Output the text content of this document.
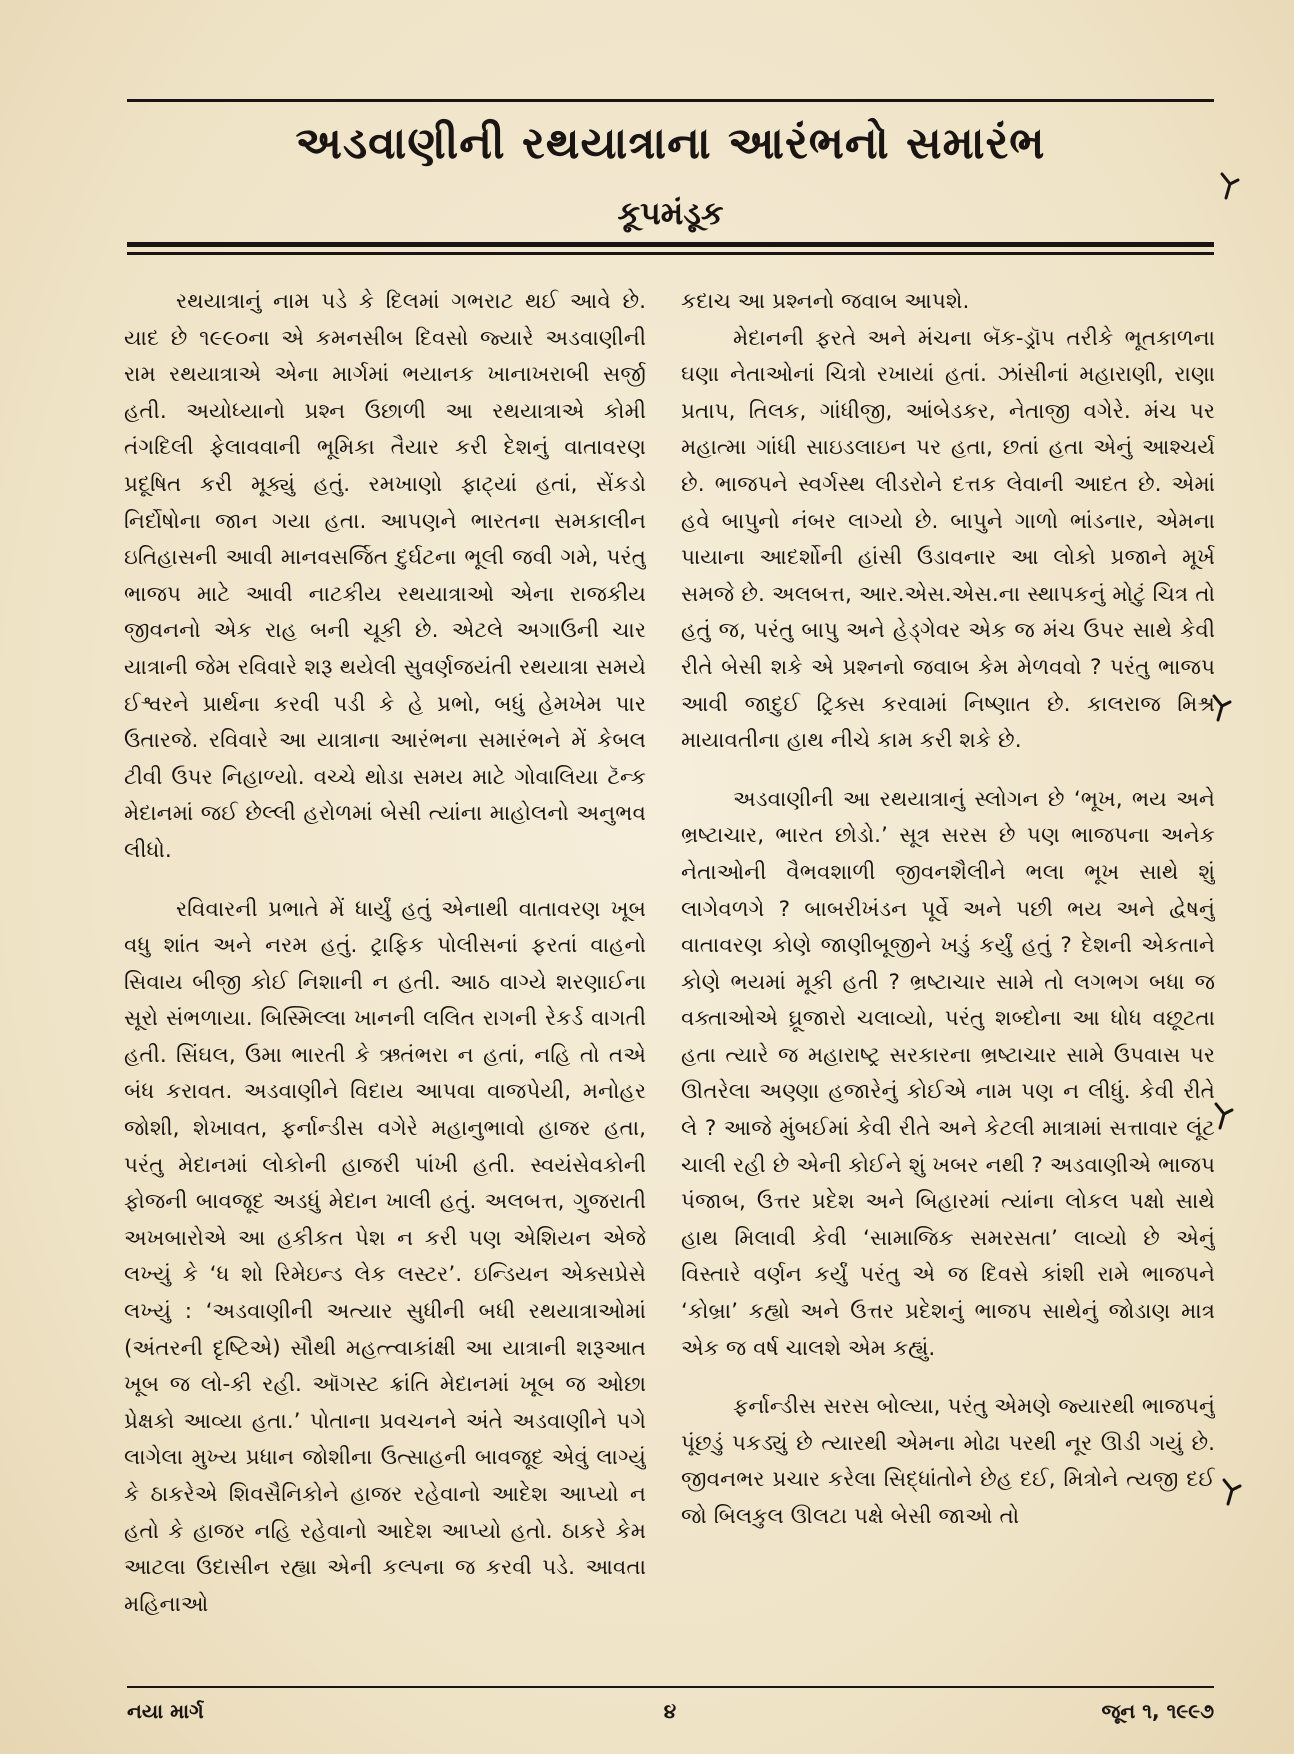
અડવાણીની રથયાત્રાના આરંભનો સમારંભ
કૂપમંડૂક

રથયાત્રાનું નામ પડે કે દિલમાં ગભરાટ થઈ આવે છે. યાદ છે ૧૯૯૦ના એ કમનસીબ દિવસો જ્યારે અડવાણીની રામ રથયાત્રાએ એના માર્ગમાં ભયાનક ખાનાખરાબી સર્જી હતી. અયોધ્યાનો પ્રશ્ન ઉછાળી આ રથયાત્રાએ કોમી તંગદિલી ફેલાવવાની ભૂમિકા તૈયાર કરી દેશનું વાતાવરણ પ્રદૂષિત કરી મૂક્યું હતું. રમખાણો ફાટ્યાં હતાં, સેંકડો નિર્દોષોના જાન ગયા હતા. આપણને ભારતના સમકાલીન ઇતિહાસની આવી માનવસર્જિત દુર્ઘટના ભૂલી જવી ગમે, પરંતુ ભાજપ માટે આવી નાટકીય રથયાત્રાઓ એના રાજકીય જીવનનો એક રાહ બની ચૂકી છે. એટલે અગાઉની ચાર યાત્રાની જેમ રવિવારે શરૂ થયેલી સુવર્ણજયંતી રથયાત્રા સમયે ઈશ્વરને પ્રાર્થના કરવી પડી કે હે પ્રભો, બધું હેમખેમ પાર ઉતારજે. રવિવારે આ યાત્રાના આરંભના સમારંભને મેં કેબલ ટીવી ઉપર નિહાળ્યો. વચ્ચે થોડા સમય માટે ગોવાલિયા ટૅન્ક મેદાનમાં જઈ છેલ્લી હરોળમાં બેસી ત્યાંના માહોલનો અનુભવ લીધો.

રવિવારની પ્રભાતે મેં ધાર્યું હતું એનાથી વાતાવરણ ખૂબ વધુ શાંત અને નરમ હતું. ટ્રાફિક પોલીસનાં ફરતાં વાહનો સિવાય બીજી કોઈ નિશાની ન હતી. આઠ વાગ્યે શરણાઈના સૂરો સંભળાયા. બિસ્મિલ્લા ખાનની લલિત રાગની રેકર્ડ વાગતી હતી. સિંઘલ, ઉમા ભારતી કે ઋતંભરા ન હતાં, નહિ તો તએ બંધ કરાવત. અડવાણીને વિદાય આપવા વાજપેયી, મનોહર જોશી, શેખાવત, ફર્નાન્ડીસ વગેરે મહાનુભાવો હાજર હતા, પરંતુ મેદાનમાં લોકોની હાજરી પાંખી હતી. સ્વયંસેવકોની ફોજની બાવજૂદ અડધું મેદાન ખાલી હતું. અલબત્ત, ગુજરાતી અખબારોએ આ હકીકત પેશ ન કરી પણ એશિયન એજે લખ્યું કે ‘ધ શો રિમેઇન્ડ લેક લસ્ટર’. ઇન્ડિયન એક્સપ્રેસે લખ્યું : ‘અડવાણીની અત્યાર સુધીની બધી રથયાત્રાઓમાં (અંતરની દૃષ્ટિએ) સૌથી મહત્ત્વાકાંક્ષી આ યાત્રાની શરૂઆત ખૂબ જ લો-કી રહી. ઑગસ્ટ ક્રાંતિ મેદાનમાં ખૂબ જ ઓછા પ્રેક્ષકો આવ્યા હતા.’ પોતાના પ્રવચનને અંતે અડવાણીને પગે લાગેલા મુખ્ય પ્રધાન જોશીના ઉત્સાહની બાવજૂદ એવું લાગ્યું કે ઠાકરેએ શિવસૈનિકોને હાજર રહેવાનો આદેશ આપ્યો ન હતો કે હાજર નહિ રહેવાનો આદેશ આપ્યો હતો. ઠાકરે કેમ આટલા ઉદાસીન રહ્યા એની કલ્પના જ કરવી પડે. આવતા મહિનાઓ

કદાચ આ પ્રશ્નનો જવાબ આપશે.

મેદાનની ફરતે અને મંચના બૅક-ડ્રૉપ તરીકે ભૂતકાળના ઘણા નેતાઓનાં ચિત્રો રખાયાં હતાં. ઝાંસીનાં મહારાણી, રાણા પ્રતાપ, તિલક, ગાંધીજી, આંબેડકર, નેતાજી વગેરે. મંચ પર મહાત્મા ગાંધી સાઇડલાઇન પર હતા, છતાં હતા એનું આશ્ચર્ય છે. ભાજપને સ્વર્ગસ્થ લીડરોને દત્તક લેવાની આદત છે. એમાં હવે બાપુનો નંબર લાગ્યો છે. બાપુને ગાળો ભાંડનાર, એમના પાયાના આદર્શોની હાંસી ઉડાવનાર આ લોકો પ્રજાને મૂર્ખ સમજે છે. અલબત્ત, આર.એસ.એસ.ના સ્થાપકનું મોટું ચિત્ર તો હતું જ, પરંતુ બાપુ અને હેડ્ગેવર એક જ મંચ ઉપર સાથે કેવી રીતે બેસી શકે એ પ્રશ્નનો જવાબ કેમ મેળવવો ? પરંતુ ભાજપ આવી જાદુઈ ટ્રિક્સ કરવામાં નિષ્ણાત છે. કાલરાજ મિશ્ર માયાવતીના હાથ નીચે કામ કરી શકે છે.

અડવાણીની આ રથયાત્રાનું સ્લોગન છે ‘ભૂખ, ભય અને ભ્રષ્ટાચાર, ભારત છોડો.’ સૂત્ર સરસ છે પણ ભાજપના અનેક નેતાઓની વૈભવશાળી જીવનશૈલીને ભલા ભૂખ સાથે શું લાગેવળગે ? બાબરીખંડન પૂર્વે અને પછી ભય અને દ્વેષનું વાતાવરણ કોણે જાણીબૂજીને ખડું કર્યું હતું ? દેશની એકતાને કોણે ભયમાં મૂકી હતી ? ભ્રષ્ટાચાર સામે તો લગભગ બધા જ વક્તાઓએ ઘ્રૂજારો ચલાવ્યો, પરંતુ શબ્દોના આ ધોધ વછૂટતા હતા ત્યારે જ મહારાષ્ટ્ર સરકારના ભ્રષ્ટાચાર સામે ઉપવાસ પર ઊતરેલા અણ્ણા હજારેનું કોઈએ નામ પણ ન લીધું. કેવી રીતે લે ? આજે મુંબઈમાં કેવી રીતે અને કેટલી માત્રામાં સત્તાવાર લૂંટ ચાલી રહી છે એની કોઈને શું ખબર નથી ? અડવાણીએ ભાજપ પંજાબ, ઉત્તર પ્રદેશ અને બિહારમાં ત્યાંના લોકલ પક્ષો સાથે હાથ મિલાવી કેવી ‘સામાજિક સમરસતા’ લાવ્યો છે એનું વિસ્તારે વર્ણન કર્યું પરંતુ એ જ દિવસે કાંશી રામે ભાજપને ‘કોબ્રા’ કહ્યો અને ઉત્તર પ્રદેશનું ભાજપ સાથેનું જોડાણ માત્ર એક જ વર્ષ ચાલશે એમ કહ્યું.

ફર્નાન્ડીસ સરસ બોલ્યા, પરંતુ એમણે જ્યારથી ભાજપનું પૂંછડું પકડ્યું છે ત્યારથી એમના મોઢા પરથી નૂર ઊડી ગયું છે. જીવનભર પ્રચાર કરેલા સિદ્ધાંતોને છેહ દઈ, મિત્રોને ત્યજી દઈ જો બિલકુલ ઊલટા પક્ષે બેસી જાઓ તો

નયા માર્ગ	૪	જૂન ૧, ૧૯૯૭
